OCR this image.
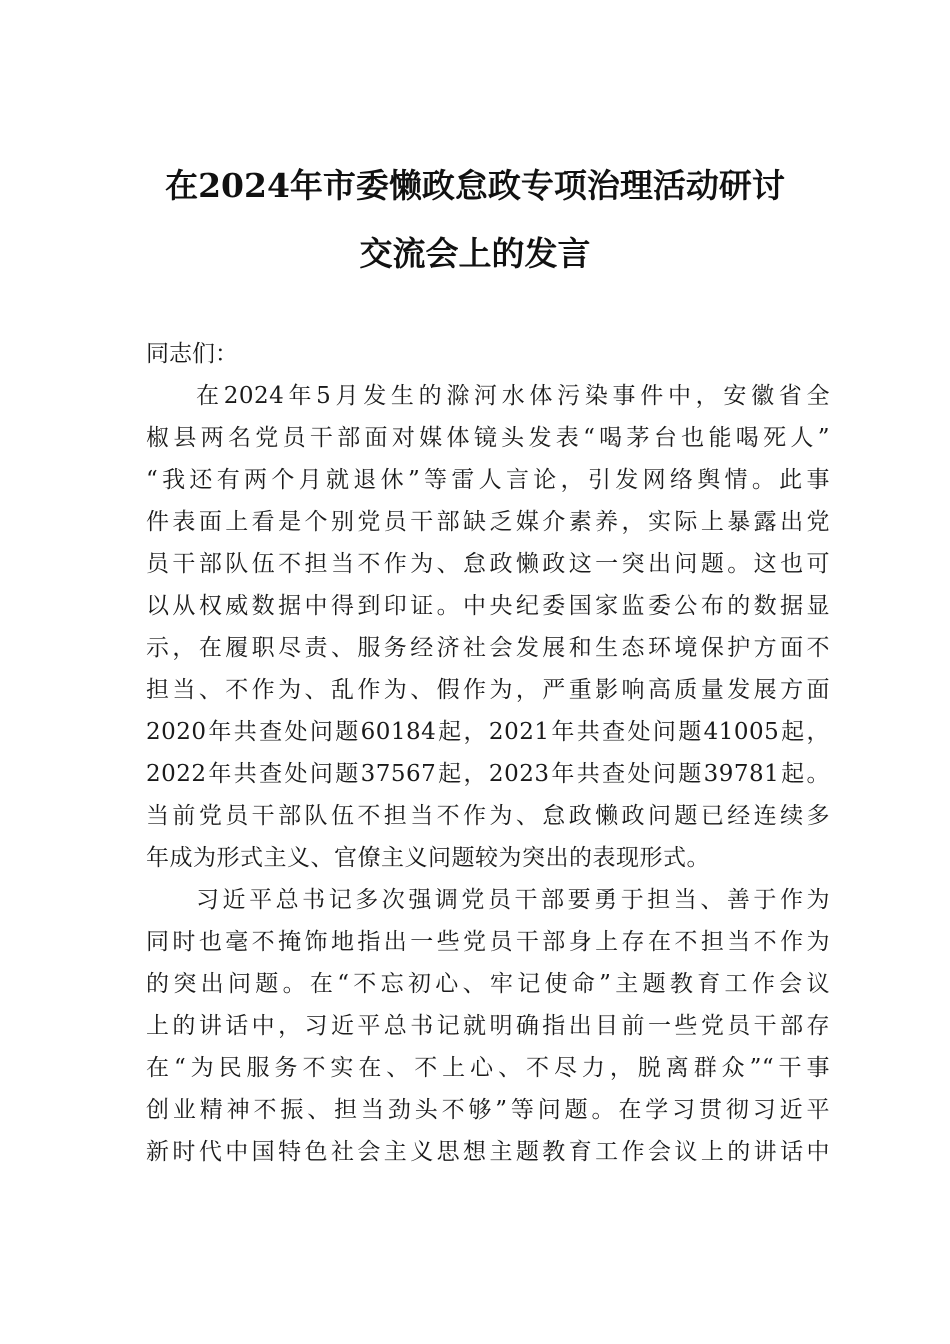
在2024年市委懒政怠政专项治理活动研讨
交流会上的发言

同志们：

在2024年5月发生的滁河水体污染事件中，安徽省全
椒县两名党员干部面对媒体镜头发表“喝茅台也能喝死人”
“我还有两个月就退休”等雷人言论，引发网络舆情。此事
件表面上看是个别党员干部缺乏媒介素养，实际上暴露出党
员干部队伍不担当不作为、怠政懒政这一突出问题。这也可
以从权威数据中得到印证。中央纪委国家监委公布的数据显
示，在履职尽责、服务经济社会发展和生态环境保护方面不
担当、不作为、乱作为、假作为，严重影响高质量发展方面
2020年共查处问题60184起，2021年共查处问题41005起，
2022年共查处问题37567起，2023年共查处问题39781起。
当前党员干部队伍不担当不作为、怠政懒政问题已经连续多
年成为形式主义、官僚主义问题较为突出的表现形式。
习近平总书记多次强调党员干部要勇于担当、善于作为
同时也毫不掩饰地指出一些党员干部身上存在不担当不作为
的突出问题。在“不忘初心、牢记使命”主题教育工作会议
上的讲话中，习近平总书记就明确指出目前一些党员干部存
在“为民服务不实在、不上心、不尽力，脱离群众”“干事
创业精神不振、担当劲头不够”等问题。在学习贯彻习近平
新时代中国特色社会主义思想主题教育工作会议上的讲话中
